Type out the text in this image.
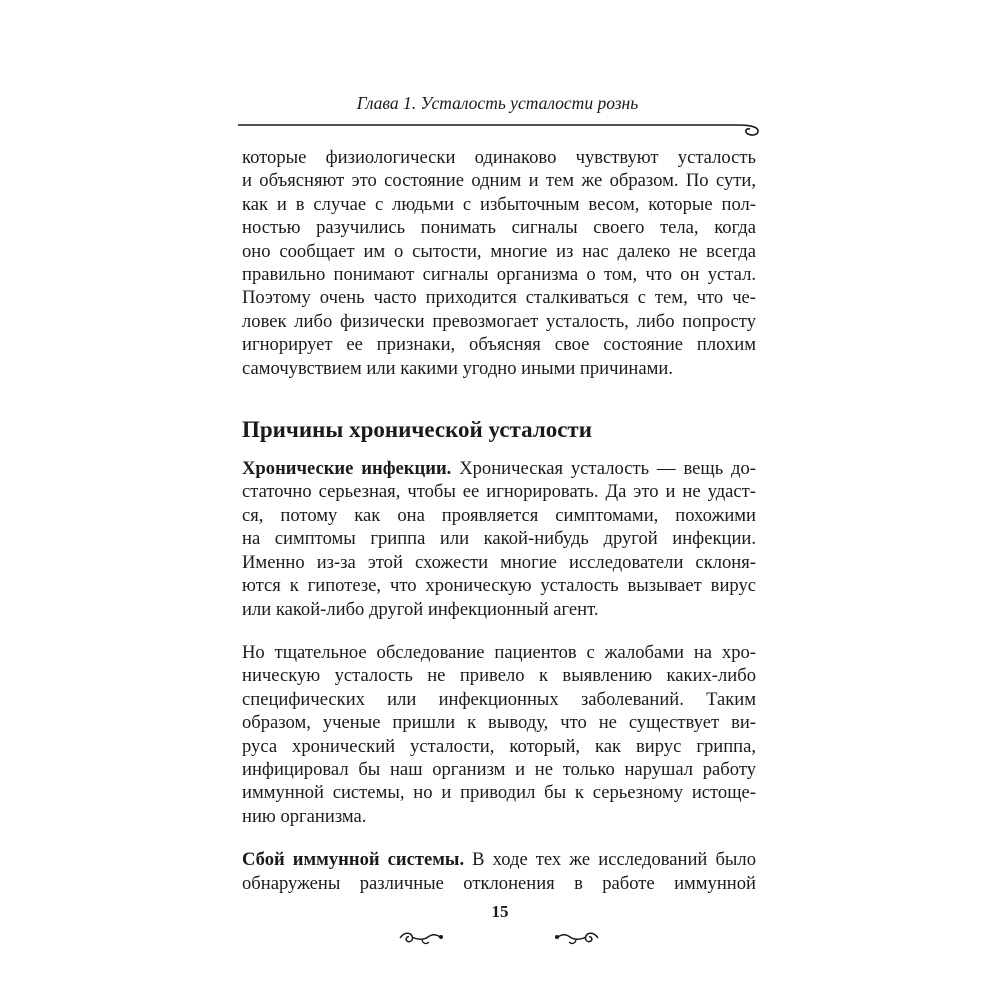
Глава 1. Усталость усталости рознь

которые физиологически одинаково чувствуют усталость
и объясняют это состояние одним и тем же образом. По сути,
как и в случае с людьми с избыточным весом, которые пол-
ностью разучились понимать сигналы своего тела, когда
оно сообщает им о сытости, многие из нас далеко не всегда
правильно понимают сигналы организма о том, что он устал.
Поэтому очень часто приходится сталкиваться с тем, что че-
ловек либо физически превозмогает усталость, либо попросту
игнорирует ее признаки, объясняя свое состояние плохим
самочувствием или какими угодно иными причинами.

Причины хронической усталости

Хронические инфекции. Хроническая усталость — вещь до-
статочно серьезная, чтобы ее игнорировать. Да это и не удаст-
ся, потому как она проявляется симптомами, похожими
на симптомы гриппа или какой-нибудь другой инфекции.
Именно из-за этой схожести многие исследователи склоня-
ются к гипотезе, что хроническую усталость вызывает вирус
или какой-либо другой инфекционный агент.

Но тщательное обследование пациентов с жалобами на хро-
ническую усталость не привело к выявлению каких-либо
специфических или инфекционных заболеваний. Таким
образом, ученые пришли к выводу, что не существует ви-
руса хронический усталости, который, как вирус гриппа,
инфицировал бы наш организм и не только нарушал работу
иммунной системы, но и приводил бы к серьезному истоще-
нию организма.

Сбой иммунной системы. В ходе тех же исследований было
обнаружены различные отклонения в работе иммунной

15
